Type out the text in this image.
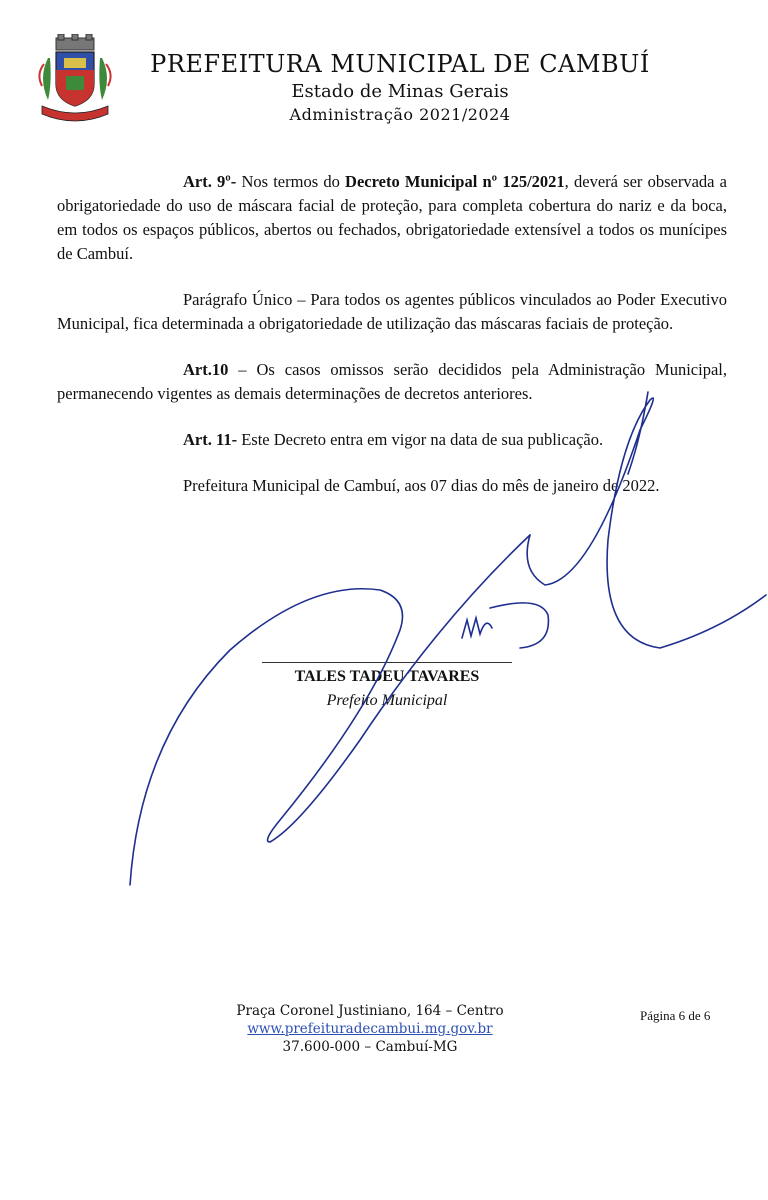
PREFEITURA MUNICIPAL DE CAMBUÍ
Estado de Minas Gerais
Administração 2021/2024

Art. 9º- Nos termos do Decreto Municipal nº 125/2021, deverá ser observada a obrigatoriedade do uso de máscara facial de proteção, para completa cobertura do nariz e da boca, em todos os espaços públicos, abertos ou fechados, obrigatoriedade extensível a todos os munícipes de Cambuí.

Parágrafo Único – Para todos os agentes públicos vinculados ao Poder Executivo Municipal, fica determinada a obrigatoriedade de utilização das máscaras faciais de proteção.

Art.10 – Os casos omissos serão decididos pela Administração Municipal, permanecendo vigentes as demais determinações de decretos anteriores.

Art. 11- Este Decreto entra em vigor na data de sua publicação.

Prefeitura Municipal de Cambuí, aos 07 dias do mês de janeiro de 2022.

TALES TADEU TAVARES
Prefeito Municipal
Praça Coronel Justiniano, 164 – Centro
www.prefeituradecambui.mg.gov.br
37.600-000 – Cambuí-MG
Página 6 de 6
